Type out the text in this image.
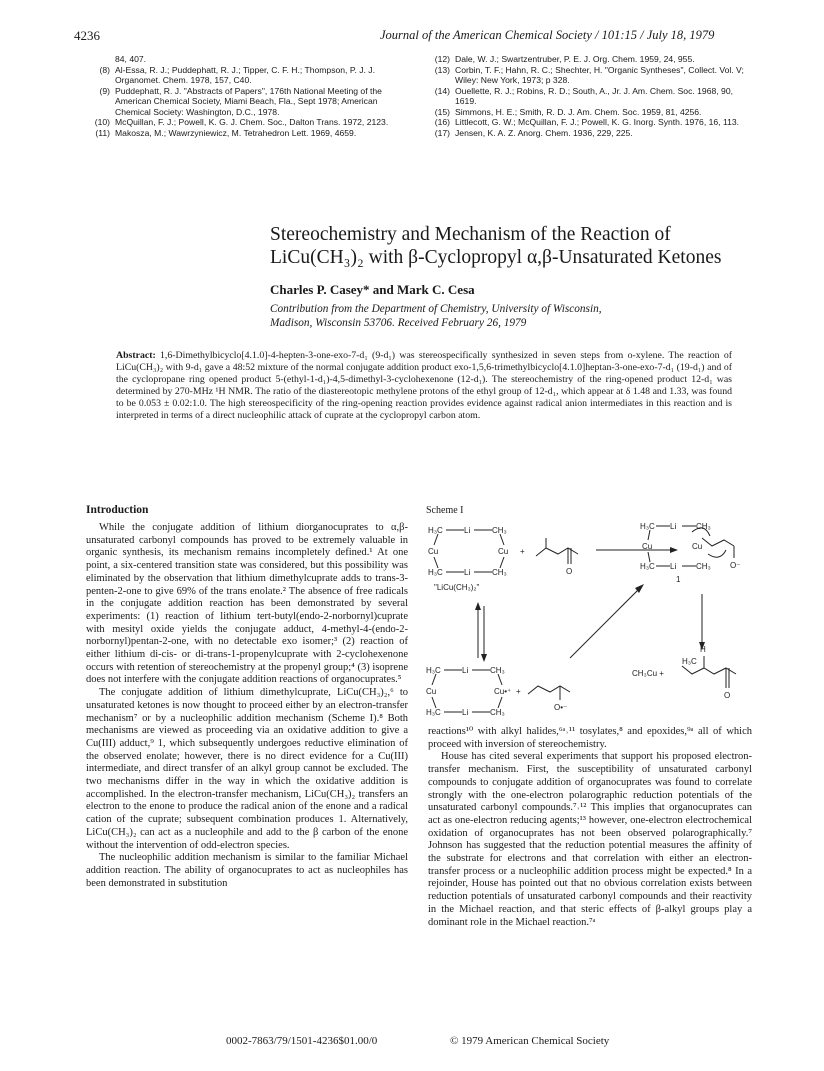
4236	Journal of the American Chemical Society / 101:15 / July 18, 1979
84, 407.
(8) Al-Essa, R. J.; Puddephatt, R. J.; Tipper, C. F. H.; Thompson, P. J. J. Organomet. Chem. 1978, 157, C40.
(9) Puddephatt, R. J. "Abstracts of Papers", 176th National Meeting of the American Chemical Society, Miami Beach, Fla., Sept 1978; American Chemical Society: Washington, D.C., 1978.
(10) McQuillan, F. J.; Powell, K. G. J. Chem. Soc., Dalton Trans. 1972, 2123.
(11) Makosza, M.; Wawrzyniewicz, M. Tetrahedron Lett. 1969, 4659.
(12) Dale, W. J.; Swartzentruber, P. E. J. Org. Chem. 1959, 24, 955.
(13) Corbin, T. F.; Hahn, R. C.; Shechter, H. "Organic Syntheses", Collect. Vol. V; Wiley: New York, 1973; p 328.
(14) Ouellette, R. J.; Robins, R. D.; South, A., Jr. J. Am. Chem. Soc. 1968, 90, 1619.
(15) Simmons, H. E.; Smith, R. D. J. Am. Chem. Soc. 1959, 81, 4256.
(16) Littlecott, G. W.; McQuillan, F. J.; Powell, K. G. Inorg. Synth. 1976, 16, 113.
(17) Jensen, K. A. Z. Anorg. Chem. 1936, 229, 225.
Stereochemistry and Mechanism of the Reaction of
LiCu(CH₃)₂ with β-Cyclopropyl α,β-Unsaturated Ketones
Charles P. Casey* and Mark C. Cesa
Contribution from the Department of Chemistry, University of Wisconsin,
Madison, Wisconsin 53706. Received February 26, 1979
Abstract: 1,6-Dimethylbicyclo[4.1.0]-4-hepten-3-one-exo-7-d₁ (9-d₁) was stereospecifically synthesized in seven steps from o-xylene. The reaction of LiCu(CH₃)₂ with 9-d₁ gave a 48:52 mixture of the normal conjugate addition product exo-1,5,6-trimethylbicyclo[4.1.0]heptan-3-one-exo-7-d₁ (19-d₁) and of the cyclopropane ring opened product 5-(ethyl-1-d₁)-4,5-dimethyl-3-cyclohexenone (12-d₁). The stereochemistry of the ring-opened product 12-d₁ was determined by 270-MHz ¹H NMR. The ratio of the diastereotopic methylene protons of the ethyl group of 12-d₁, which appear at δ 1.48 and 1.33, was found to be 0.053 ± 0.02:1.0. The high stereospecificity of the ring-opening reaction provides evidence against radical anion intermediates in this reaction and is interpreted in terms of a direct nucleophilic attack of cuprate at the cyclopropyl carbon atom.
Introduction

While the conjugate addition of lithium diorganocuprates to α,β-unsaturated carbonyl compounds has proved to be extremely valuable in organic synthesis, its mechanism remains incompletely defined.¹ At one point, a six-centered transition state was considered, but this possibility was eliminated by the observation that lithium dimethylcuprate adds to trans-3-penten-2-one to give 69% of the trans enolate.² The absence of free radicals in the conjugate addition reaction has been demonstrated by several experiments: (1) reaction of lithium tert-butyl(endo-2-norbornyl)cuprate with mesityl oxide yields the conjugate adduct, 4-methyl-4-(endo-2-norbornyl)pentan-2-one, with no detectable exo isomer;³ (2) reaction of either lithium di-cis- or di-trans-1-propenylcuprate with 2-cyclohexenone occurs with retention of stereochemistry at the propenyl group;⁴ (3) isoprene does not interfere with the conjugate addition reactions of organocuprates.⁵

The conjugate addition of lithium dimethylcuprate, LiCu(CH₃)₂,⁶ to unsaturated ketones is now thought to proceed either by an electron-transfer mechanism⁷ or by a nucleophilic addition mechanism (Scheme I).⁸ Both mechanisms are viewed as proceeding via an oxidative addition to give a Cu(III) adduct,⁹ 1, which subsequently undergoes reductive elimination of the observed enolate; however, there is no direct evidence for a Cu(III) intermediate, and direct transfer of an alkyl group cannot be excluded. The two mechanisms differ in the way in which the oxidative addition is accomplished. In the electron-transfer mechanism, LiCu(CH₃)₂ transfers an electron to the enone to produce the radical anion of the enone and a radical cation of the cuprate; subsequent combination produces 1. Alternatively, LiCu(CH₃)₂ can act as a nucleophile and add to the β carbon of the enone without the intervention of odd-electron species.

The nucleophilic addition mechanism is similar to the familiar Michael addition reaction. The ability of organocuprates to act as nucleophiles has been demonstrated in substitution

Scheme I
H₃C	Li	CH₃
Cu	Cu
H₃C	Li	CH₃
"LiCu(CH₃)₂"
+
O
H₃C Li CH₃
Cu	Cu
H₃C Li CH₃ O⁻
1
H₃C	Li	CH₃
Cu	Cu•⁺
H₃C	Li	CH₃
+
O•⁻
CH₃Cu +
H₃C
H
O

reactions¹⁰ with alkyl halides,⁶ᵃ˒¹¹ tosylates,⁸ and epoxides,⁹ᵃ all of which proceed with inversion of stereochemistry.

House has cited several experiments that support his proposed electron-transfer mechanism. First, the susceptibility of unsaturated carbonyl compounds to conjugate addition of organocuprates was found to correlate strongly with the one-electron polarographic reduction potentials of the unsaturated carbonyl compounds.⁷˒¹² This implies that organocuprates can act as one-electron reducing agents;¹³ however, one-electron electrochemical oxidation of organocuprates has not been observed polarographically.⁷ Johnson has suggested that the reduction potential measures the affinity of the substrate for electrons and that correlation with either an electron-transfer process or a nucleophilic addition process might be expected.⁸ In a rejoinder, House has pointed out that no obvious correlation exists between reduction potentials of unsaturated carbonyl compounds and their reactivity in the Michael reaction, and that steric effects of β-alkyl groups play a dominant role in the Michael reaction.⁷ᵃ

0002-7863/79/1501-4236$01.00/0	© 1979 American Chemical Society
